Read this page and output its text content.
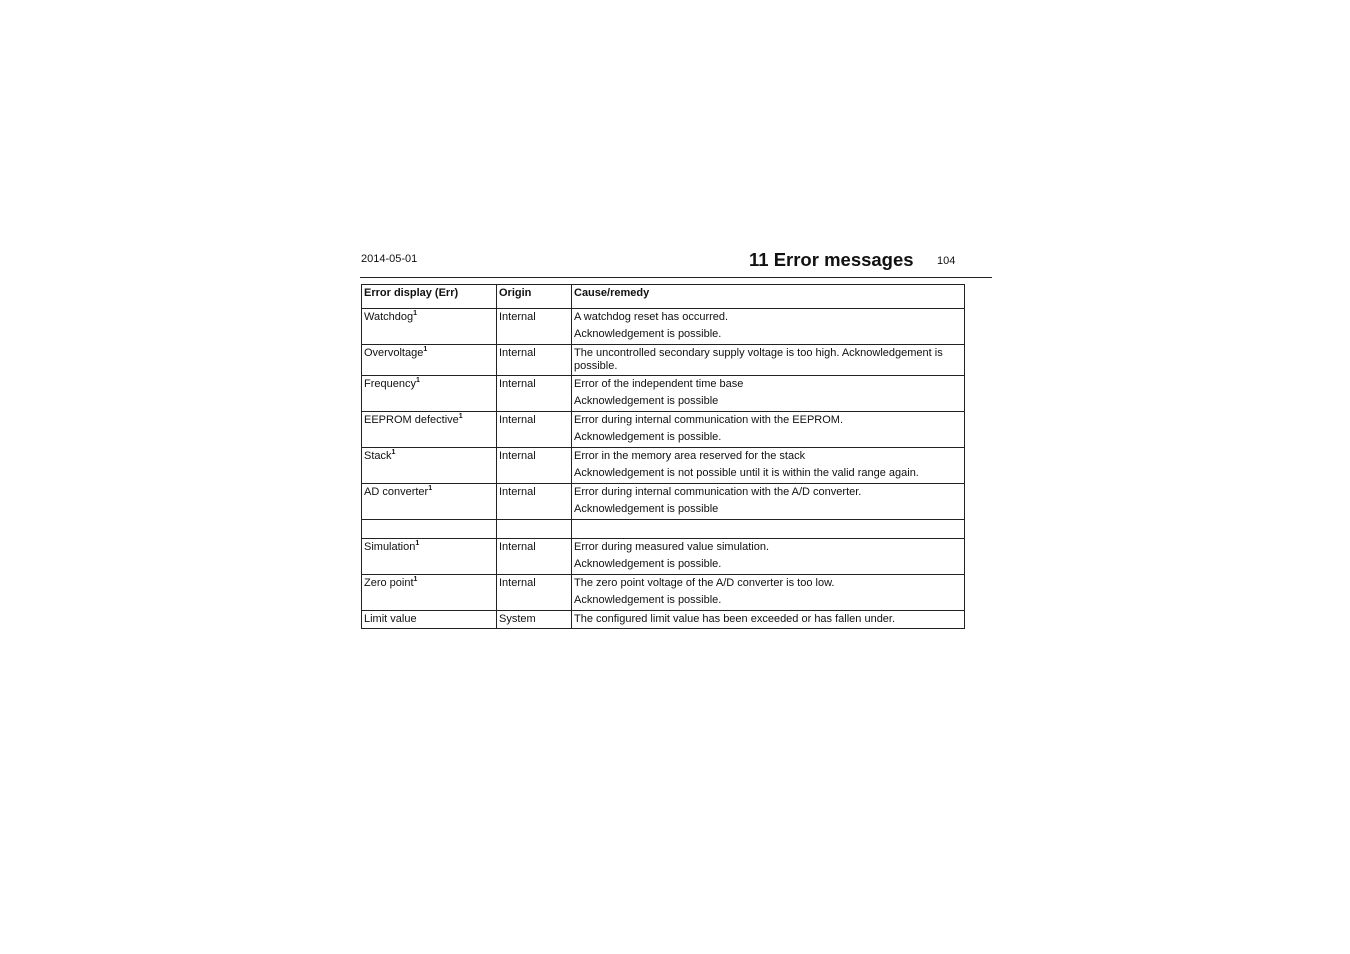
2014-05-01	11 Error messages 104
Error display (Err)	Origin	Cause/remedy
Watchdog$^1$	Internal	A watchdog reset has occurred.
		Acknowledgement is possible.
Overvoltage$^1$	Internal	The uncontrolled secondary supply voltage is too high. Acknowledgement is possible.
Frequency$^1$	Internal	Error of the independent time base
		Acknowledgement is possible
EEPROM defective$^1$	Internal	Error during internal communication with the EEPROM.
		Acknowledgement is possible.
Stack$^1$	Internal	Error in the memory area reserved for the stack
		Acknowledgement is not possible until it is within the valid range again.
AD converter$^1$	Internal	Error during internal communication with the A/D converter.
		Acknowledgement is possible

Simulation$^1$	Internal	Error during measured value simulation.
		Acknowledgement is possible.
Zero point$^1$	Internal	The zero point voltage of the A/D converter is too low.
		Acknowledgement is possible.
Limit value	System	The configured limit value has been exceeded or has fallen under.
